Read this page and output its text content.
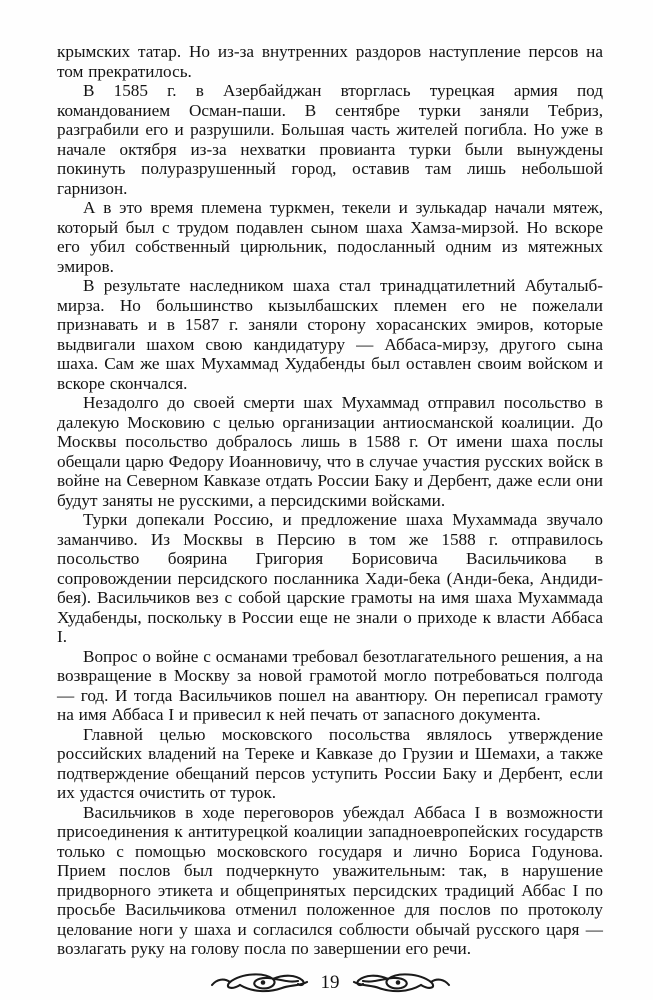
крымских татар. Но из-за внутренних раздоров наступление персов на том прекратилось.

В 1585 г. в Азербайджан вторглась турецкая армия под командованием Осман-паши. В сентябре турки заняли Тебриз, разграбили его и разрушили. Большая часть жителей погибла. Но уже в начале октября из-за нехватки провианта турки были вынуждены покинуть полуразрушенный город, оставив там лишь небольшой гарнизон.

А в это время племена туркмен, текели и зулькадар начали мятеж, который был с трудом подавлен сыном шаха Хамза-мирзой. Но вскоре его убил собственный цирюльник, подосланный одним из мятежных эмиров.

В результате наследником шаха стал тринадцатилетний Абуталыб-мирза. Но большинство кызылбашских племен его не пожелали признавать и в 1587 г. заняли сторону хорасанских эмиров, которые выдвигали шахом свою кандидатуру — Аббаса-мирзу, другого сына шаха. Сам же шах Мухаммад Худабенды был оставлен своим войском и вскоре скончался.

Незадолго до своей смерти шах Мухаммад отправил посольство в далекую Московию с целью организации антиосманской коалиции. До Москвы посольство добралось лишь в 1588 г. От имени шаха послы обещали царю Федору Иоанновичу, что в случае участия русских войск в войне на Северном Кавказе отдать России Баку и Дербент, даже если они будут заняты не русскими, а персидскими войсками.

Турки допекали Россию, и предложение шаха Мухаммада звучало заманчиво. Из Москвы в Персию в том же 1588 г. отправилось посольство боярина Григория Борисовича Васильчикова в сопровождении персидского посланника Хади-бека (Анди-бека, Андиди-бея). Васильчиков вез с собой царские грамоты на имя шаха Мухаммада Худабенды, поскольку в России еще не знали о приходе к власти Аббаса I.

Вопрос о войне с османами требовал безотлагательного решения, а на возвращение в Москву за новой грамотой могло потребоваться полгода — год. И тогда Васильчиков пошел на авантюру. Он переписал грамоту на имя Аббаса I и привесил к ней печать от запасного документа.

Главной целью московского посольства являлось утверждение российских владений на Тереке и Кавказе до Грузии и Шемахи, а также подтверждение обещаний персов уступить России Баку и Дербент, если их удастся очистить от турок.

Васильчиков в ходе переговоров убеждал Аббаса I в возможности присоединения к антитурецкой коалиции западноевропейских государств только с помощью московского государя и лично Бориса Годунова. Прием послов был подчеркнуто уважительным: так, в нарушение придворного этикета и общепринятых персидских традиций Аббас I по просьбе Васильчикова отменил положенное для послов по протоколу целование ноги у шаха и согласился соблюсти обычай русского царя — возлагать руку на голову посла по завершении его речи.

19
